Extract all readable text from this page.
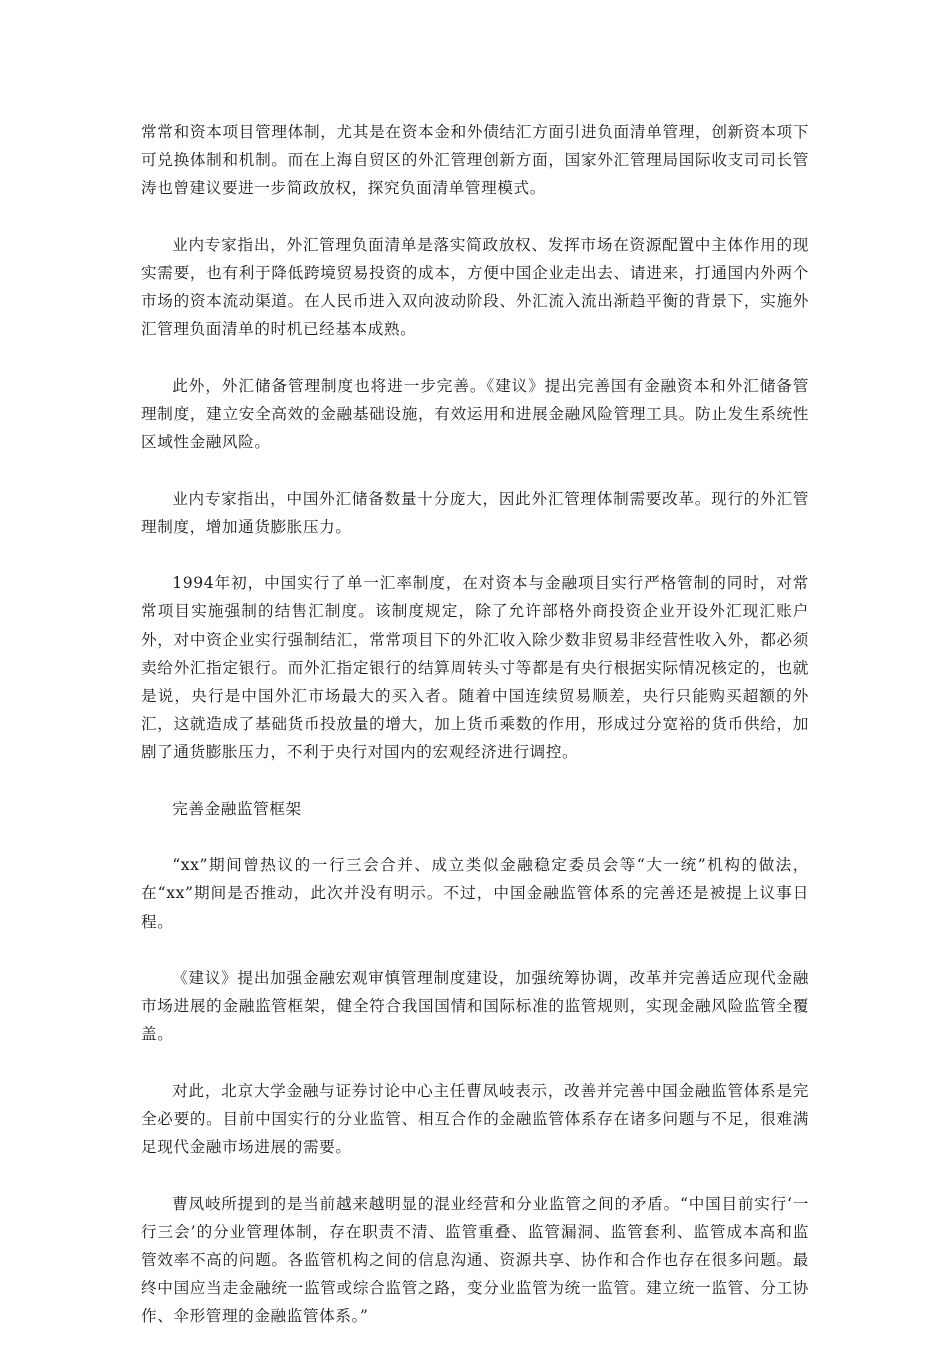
常常和资本项目管理体制，尤其是在资本金和外债结汇方面引进负面清单管理，创新资本项下可兑换体制和机制。而在上海自贸区的外汇管理创新方面，国家外汇管理局国际收支司司长管涛也曾建议要进一步简政放权，探究负面清单管理模式。

业内专家指出，外汇管理负面清单是落实简政放权、发挥市场在资源配置中主体作用的现实需要，也有利于降低跨境贸易投资的成本，方便中国企业走出去、请进来，打通国内外两个市场的资本流动渠道。在人民币进入双向波动阶段、外汇流入流出渐趋平衡的背景下，实施外汇管理负面清单的时机已经基本成熟。

此外，外汇储备管理制度也将进一步完善。《建议》提出完善国有金融资本和外汇储备管理制度，建立安全高效的金融基础设施，有效运用和进展金融风险管理工具。防止发生系统性区域性金融风险。

业内专家指出，中国外汇储备数量十分庞大，因此外汇管理体制需要改革。现行的外汇管理制度，增加通货膨胀压力。

1994年初，中国实行了单一汇率制度，在对资本与金融项目实行严格管制的同时，对常常项目实施强制的结售汇制度。该制度规定，除了允许部格外商投资企业开设外汇现汇账户外，对中资企业实行强制结汇，常常项目下的外汇收入除少数非贸易非经营性收入外，都必须卖给外汇指定银行。而外汇指定银行的结算周转头寸等都是有央行根据实际情况核定的，也就是说，央行是中国外汇市场最大的买入者。随着中国连续贸易顺差，央行只能购买超额的外汇，这就造成了基础货币投放量的增大，加上货币乘数的作用，形成过分宽裕的货币供给，加剧了通货膨胀压力，不利于央行对国内的宏观经济进行调控。

完善金融监管框架

“xx”期间曾热议的一行三会合并、成立类似金融稳定委员会等“大一统”机构的做法，在“xx”期间是否推动，此次并没有明示。不过，中国金融监管体系的完善还是被提上议事日程。

《建议》提出加强金融宏观审慎管理制度建设，加强统筹协调，改革并完善适应现代金融市场进展的金融监管框架，健全符合我国国情和国际标准的监管规则，实现金融风险监管全覆盖。

对此，北京大学金融与证券讨论中心主任曹凤岐表示，改善并完善中国金融监管体系是完全必要的。目前中国实行的分业监管、相互合作的金融监管体系存在诸多问题与不足，很难满足现代金融市场进展的需要。

曹凤岐所提到的是当前越来越明显的混业经营和分业监管之间的矛盾。“中国目前实行‘一行三会’的分业管理体制，存在职责不清、监管重叠、监管漏洞、监管套利、监管成本高和监管效率不高的问题。各监管机构之间的信息沟通、资源共享、协作和合作也存在很多问题。最终中国应当走金融统一监管或综合监管之路，变分业监管为统一监管。建立统一监管、分工协作、伞形管理的金融监管体系。”
